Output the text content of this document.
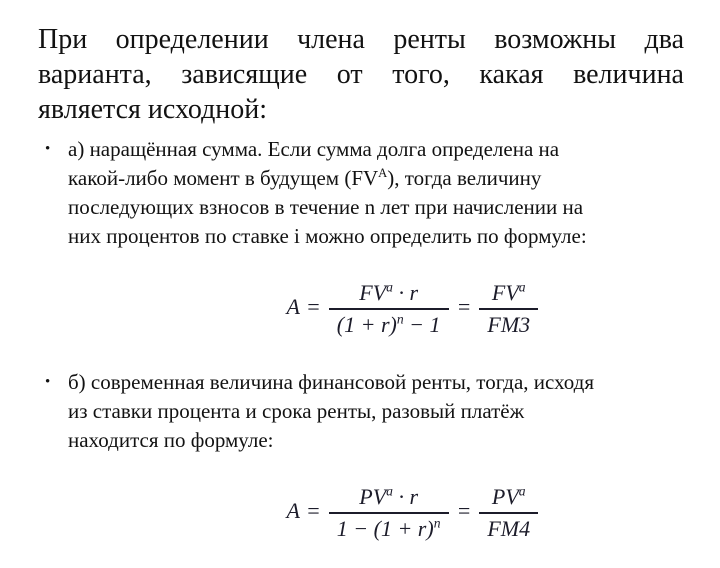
При определении члена ренты возможны два
варианта, зависящие от того, какая величина
является исходной:
• а) наращённая сумма. Если сумма долга определена на
какой-либо момент в будущем $(FV^A)$, тогда величину
последующих взносов в течение n лет при начислении на
них процентов по ставке i можно определить по формуле:

$A = \frac{FV^a \cdot r}{(1 + r)^n - 1} = \frac{FV^a}{FM3}$

• б) современная величина финансовой ренты, тогда, исходя
из ставки процента и срока ренты, разовый платёж
находится по формуле:

$A = \frac{PV^a \cdot r}{1 - (1 + r)^n} = \frac{PV^a}{FM4}$
